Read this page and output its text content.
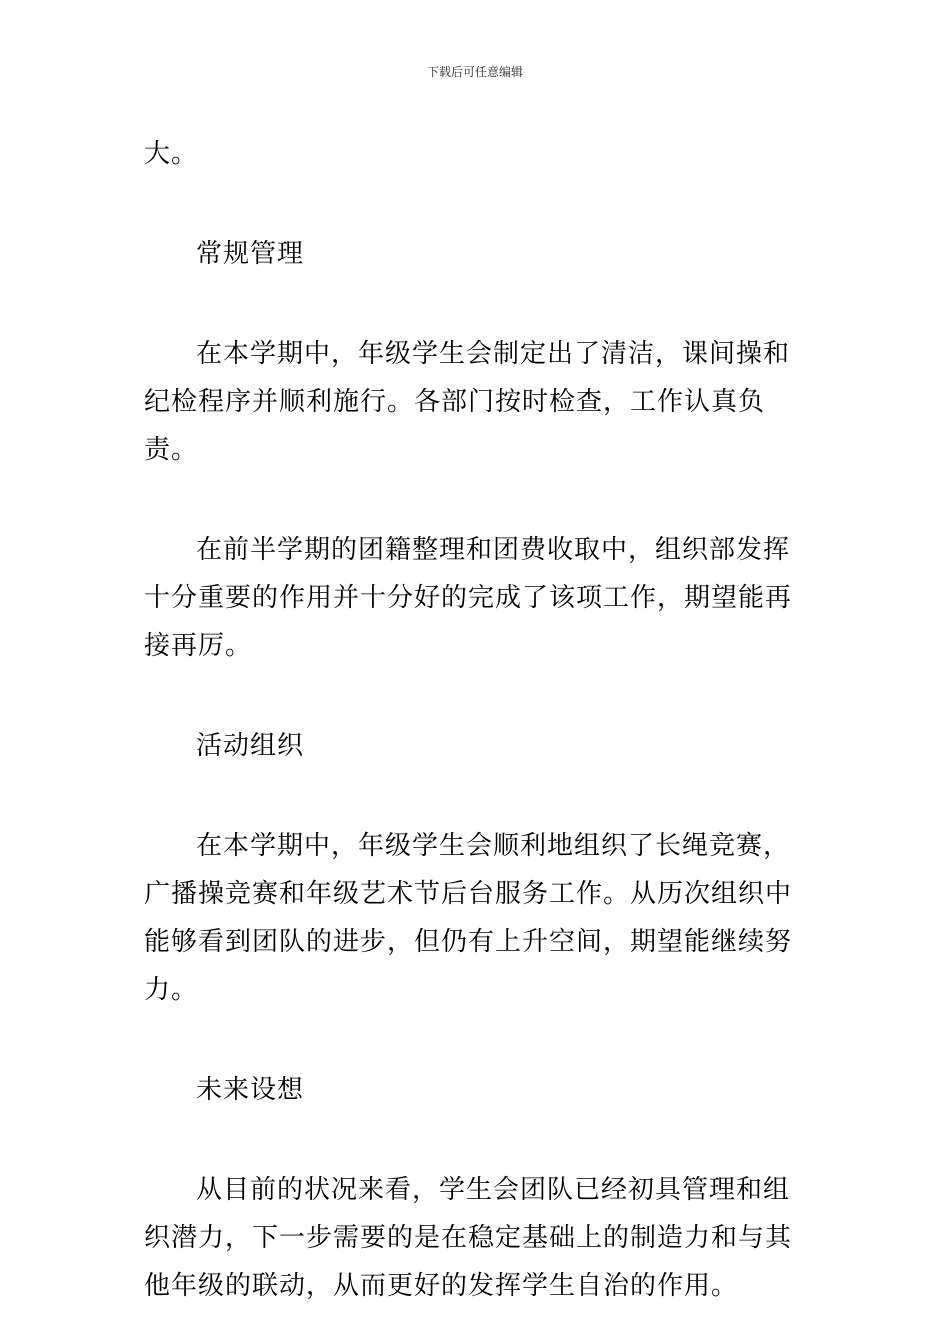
下载后可任意编辑

大。

常规管理

在本学期中，年级学生会制定出了清洁，课间操和纪检程序并顺利施行。各部门按时检查，工作认真负责。

在前半学期的团籍整理和团费收取中，组织部发挥十分重要的作用并十分好的完成了该项工作，期望能再接再厉。

活动组织

在本学期中，年级学生会顺利地组织了长绳竞赛，广播操竞赛和年级艺术节后台服务工作。从历次组织中能够看到团队的进步，但仍有上升空间，期望能继续努力。

未来设想

从目前的状况来看，学生会团队已经初具管理和组织潜力，下一步需要的是在稳定基础上的制造力和与其他年级的联动，从而更好的发挥学生自治的作用。
